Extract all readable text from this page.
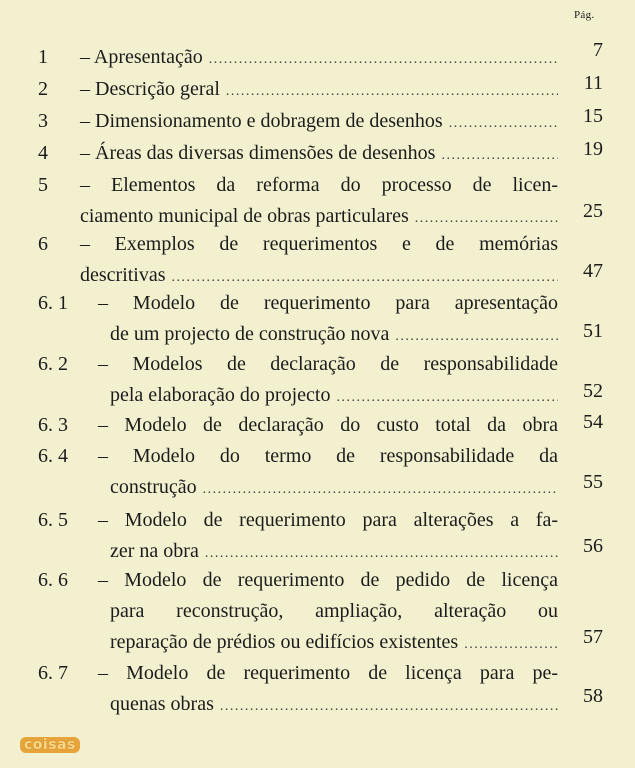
Pág.
1 – Apresentação .....	7
2 – Descrição geral .....	11
3 – Dimensionamento e dobragem de desenhos .....	15
4 – Áreas das diversas dimensões de desenhos .....	19
5 – Elementos da reforma do processo de licen-
ciamento municipal de obras particulares .....	25
6 – Exemplos de requerimentos e de memórias
descritivas .....	47
6. 1 – Modelo de requerimento para apresentação
de um projecto de construção nova .....	51
6. 2 – Modelos de declaração de responsabilidade
pela elaboração do projecto .....	52
6. 3 – Modelo de declaração do custo total da obra 54
6. 4 – Modelo do termo de responsabilidade da
construção .....	55
6. 5 – Modelo de requerimento para alterações a fa-
zer na obra .....	56
6. 6 – Modelo de requerimento de pedido de licença
para reconstrução, ampliação, alteração ou
reparação de prédios ou edifícios existentes .....	57
6. 7 – Modelo de requerimento de licença para pe-
quenas obras .....	58
coisas
